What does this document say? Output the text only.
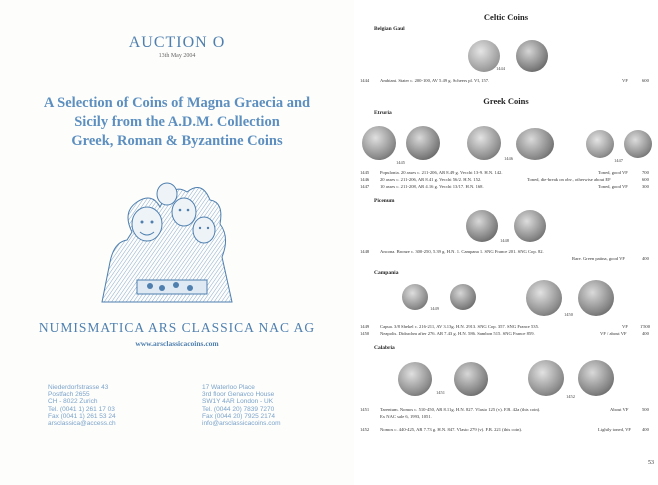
AUCTION O
13th May 2004
A Selection of Coins of Magna Graecia and
Sicily from the A.D.M. Collection
Greek, Roman & Byzantine Coins
NUMISMATICA ARS CLASSICA NAC AG
www.arsclassicacoins.com
Niederdorfstrasse 43
Postfach 2655
CH - 8022 Zurich
Tel. (0041 1) 261 17 03
Fax (0041 1) 261 53 24
arsclassica@access.ch
17 Waterloo Place
3rd floor Genavco House
SW1Y 4AR London - UK
Tel. (0044 20) 7839 7270
Fax (0044 20) 7925 2174
info@arsclassicacoins.com
Celtic Coins
Belgian Gaul
1444
1444 Ambiani. Stater c. 200-100, AV 5.49 g. Scheers pl. VI, 157.	VF	600
Greek Coins
Etruria
1445
1446	1447
1445 Populonia. 20 asses c. 211-206, AR 8.49 g. Vecchi 13-9. H.N. 142.	Toned, good VF	700
1446 20 asses c. 211-206, AR 8.41 g. Vecchi 56/2. H.N. 152.	Toned, die-break on obv., otherwise about EF	600
1447 10 asses c. 211-208, AR 4.16 g. Vecchi 13/17. H.N. 168.	Toned, good VF	300
Picenum
1448
1448 Ancona. Bronze c. 300-250, 5.39 g. H.N. 1. Campana 1. SNG France 201. SNG Cop. 82.
Rare. Green patina, good VF	400
Campania
1449
1450
1449 Capua. 3/8 Shekel c. 216-211, AV 3.13g. H.N. 2913. SNG Cop. 357. SNG France 535.	VF	1'500
1450 Neapolis. Didrachm after 276. AR 7.43 g. H.N. 586. Sambon 515. SNG France 859.	VF / about VF	400
Calabria
1451
1452
1451 Tarentum. Nomos c. 510-450, AR 8.11g. H.N. 827. Vlasto 125 (v). F.B. 42a (this coin).	About VF	500
Ex NAC sale 6, 1993, 1051.
1452 Nomos c. 440-425, AR 7.73 g. H.N. 847. Vlasto 279 (v). F.B. 221 (this coin).	Lightly toned, VF 400
53
